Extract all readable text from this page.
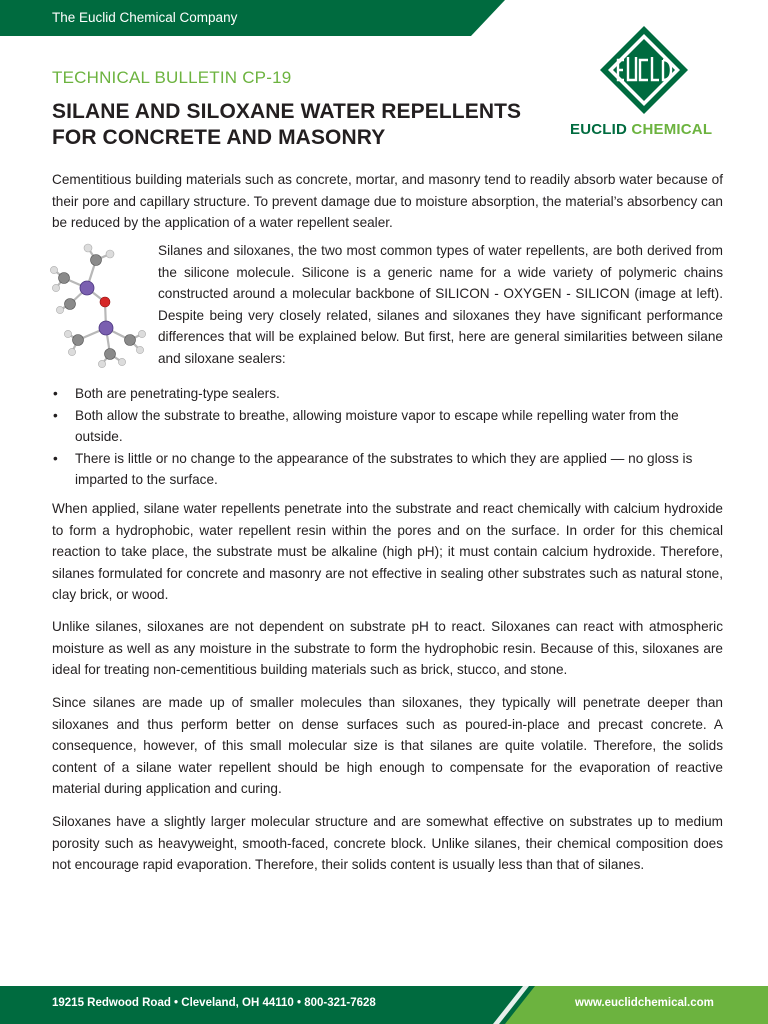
The Euclid Chemical Company
EUCLID CHEMICAL
TECHNICAL BULLETIN CP-19
SILANE AND SILOXANE WATER REPELLENTS
FOR CONCRETE AND MASONRY
Cementitious building materials such as concrete, mortar, and masonry tend to readily absorb water because of their pore and capillary structure. To prevent damage due to moisture absorption, the material’s absorbency can be reduced by the application of a water repellent sealer.
Silanes and siloxanes, the two most common types of water repellents, are both derived from the silicone molecule. Silicone is a generic name for a wide variety of polymeric chains constructed around a molecular backbone of SILICON - OXYGEN - SILICON (image at left). Despite being very closely related, silanes and siloxanes they have significant performance differences that will be explained below. But first, here are general similarities between silane and siloxane sealers:
• Both are penetrating-type sealers.
• Both allow the substrate to breathe, allowing moisture vapor to escape while repelling water from the outside.
• There is little or no change to the appearance of the substrates to which they are applied — no gloss is imparted to the surface.
When applied, silane water repellents penetrate into the substrate and react chemically with calcium hydroxide to form a hydrophobic, water repellent resin within the pores and on the surface. In order for this chemical reaction to take place, the substrate must be alkaline (high pH); it must contain calcium hydroxide. Therefore, silanes formulated for concrete and masonry are not effective in sealing other substrates such as natural stone, clay brick, or wood.
Unlike silanes, siloxanes are not dependent on substrate pH to react. Siloxanes can react with atmospheric moisture as well as any moisture in the substrate to form the hydrophobic resin. Because of this, siloxanes are ideal for treating non-cementitious building materials such as brick, stucco, and stone.
Since silanes are made up of smaller molecules than siloxanes, they typically will penetrate deeper than siloxanes and thus perform better on dense surfaces such as poured-in-place and precast concrete. A consequence, however, of this small molecular size is that silanes are quite volatile. Therefore, the solids content of a silane water repellent should be high enough to compensate for the evaporation of reactive material during application and curing.
Siloxanes have a slightly larger molecular structure and are somewhat effective on substrates up to medium porosity such as heavyweight, smooth-faced, concrete block. Unlike silanes, their chemical composition does not encourage rapid evaporation. Therefore, their solids content is usually less than that of silanes.
19215 Redwood Road • Cleveland, OH 44110 • 800-321-7628	www.euclidchemical.com
